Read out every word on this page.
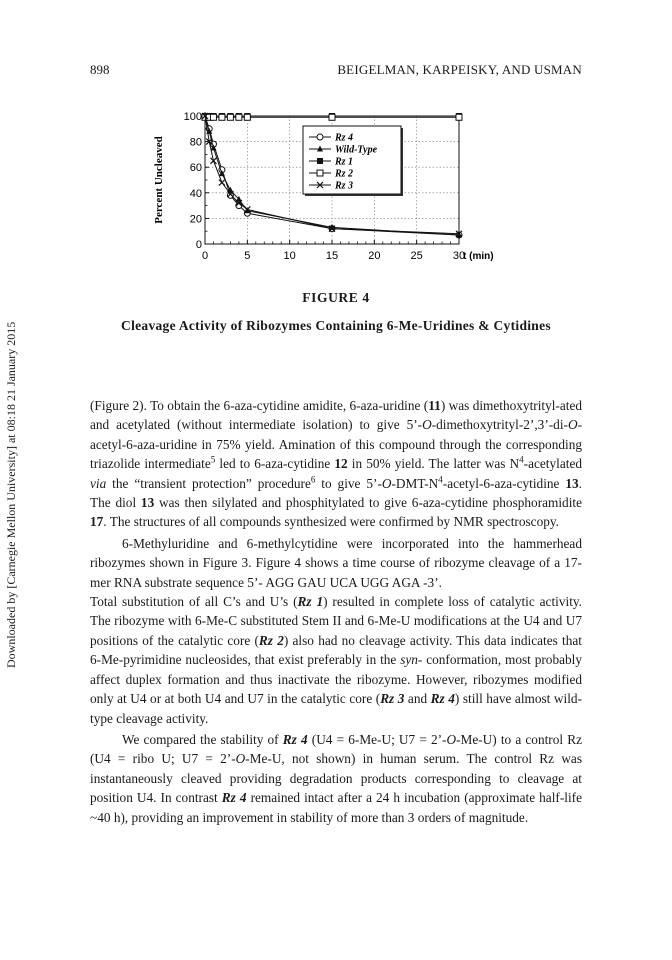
898	BEIGELMAN, KARPEISKY, AND USMAN
Downloaded by [Carnegie Mellon University] at 08:18 21 January 2015
0
20
40
60
80
100
0	5	10	15	20	25	30
Percent Uncleaved
t (min)
Rz 4
Wild-Type
Rz 1
Rz 2
Rz 3
FIGURE 4
Cleavage Activity of Ribozymes Containing 6-Me-Uridines & Cytidines

(Figure 2). To obtain the 6-aza-cytidine amidite, 6-aza-uridine (11) was dimethoxytrityl-ated and acetylated (without intermediate isolation) to give 5’-O-dimethoxytrityl-2’,3’-di-O-acetyl-6-aza-uridine in 75% yield. Amination of this compound through the corresponding triazolide intermediate$^5$ led to 6-aza-cytidine 12 in 50% yield. The latter was $N^4$-acetylated via the “transient protection” procedure$^6$ to give $5’-O-DMT-N^4-acetyl-6-aza$-cytidine 13. The diol 13 was then silylated and phosphitylated to give 6-aza-cytidine phosphoramidite 17. The structures of all compounds synthesized were confirmed by NMR spectroscopy.

6-Methyluridine and 6-methylcytidine were incorporated into the hammerhead ribozymes shown in Figure 3. Figure 4 shows a time course of ribozyme cleavage of a 17-mer RNA substrate sequence 5’- AGG GAU UCA UGG AGA -3’.

Total substitution of all C’s and U’s (Rz 1) resulted in complete loss of catalytic activity. The ribozyme with 6-Me-C substituted Stem II and 6-Me-U modifications at the U4 and U7 positions of the catalytic core (Rz 2) also had no cleavage activity. This data indicates that 6-Me-pyrimidine nucleosides, that exist preferably in the syn- conformation, most probably affect duplex formation and thus inactivate the ribozyme. However, ribozymes modified only at U4 or at both U4 and U7 in the catalytic core (Rz 3 and Rz 4) still have almost wild-type cleavage activity.

We compared the stability of Rz 4 (U4 = 6-Me-U; U7 = 2’-O-Me-U) to a control Rz (U4 = ribo U; U7 = 2’-O-Me-U, not shown) in human serum. The control Rz was instantaneously cleaved providing degradation products corresponding to cleavage at position U4. In contrast Rz 4 remained intact after a 24 h incubation (approximate half-life ~40 h), providing an improvement in stability of more than 3 orders of magnitude.
